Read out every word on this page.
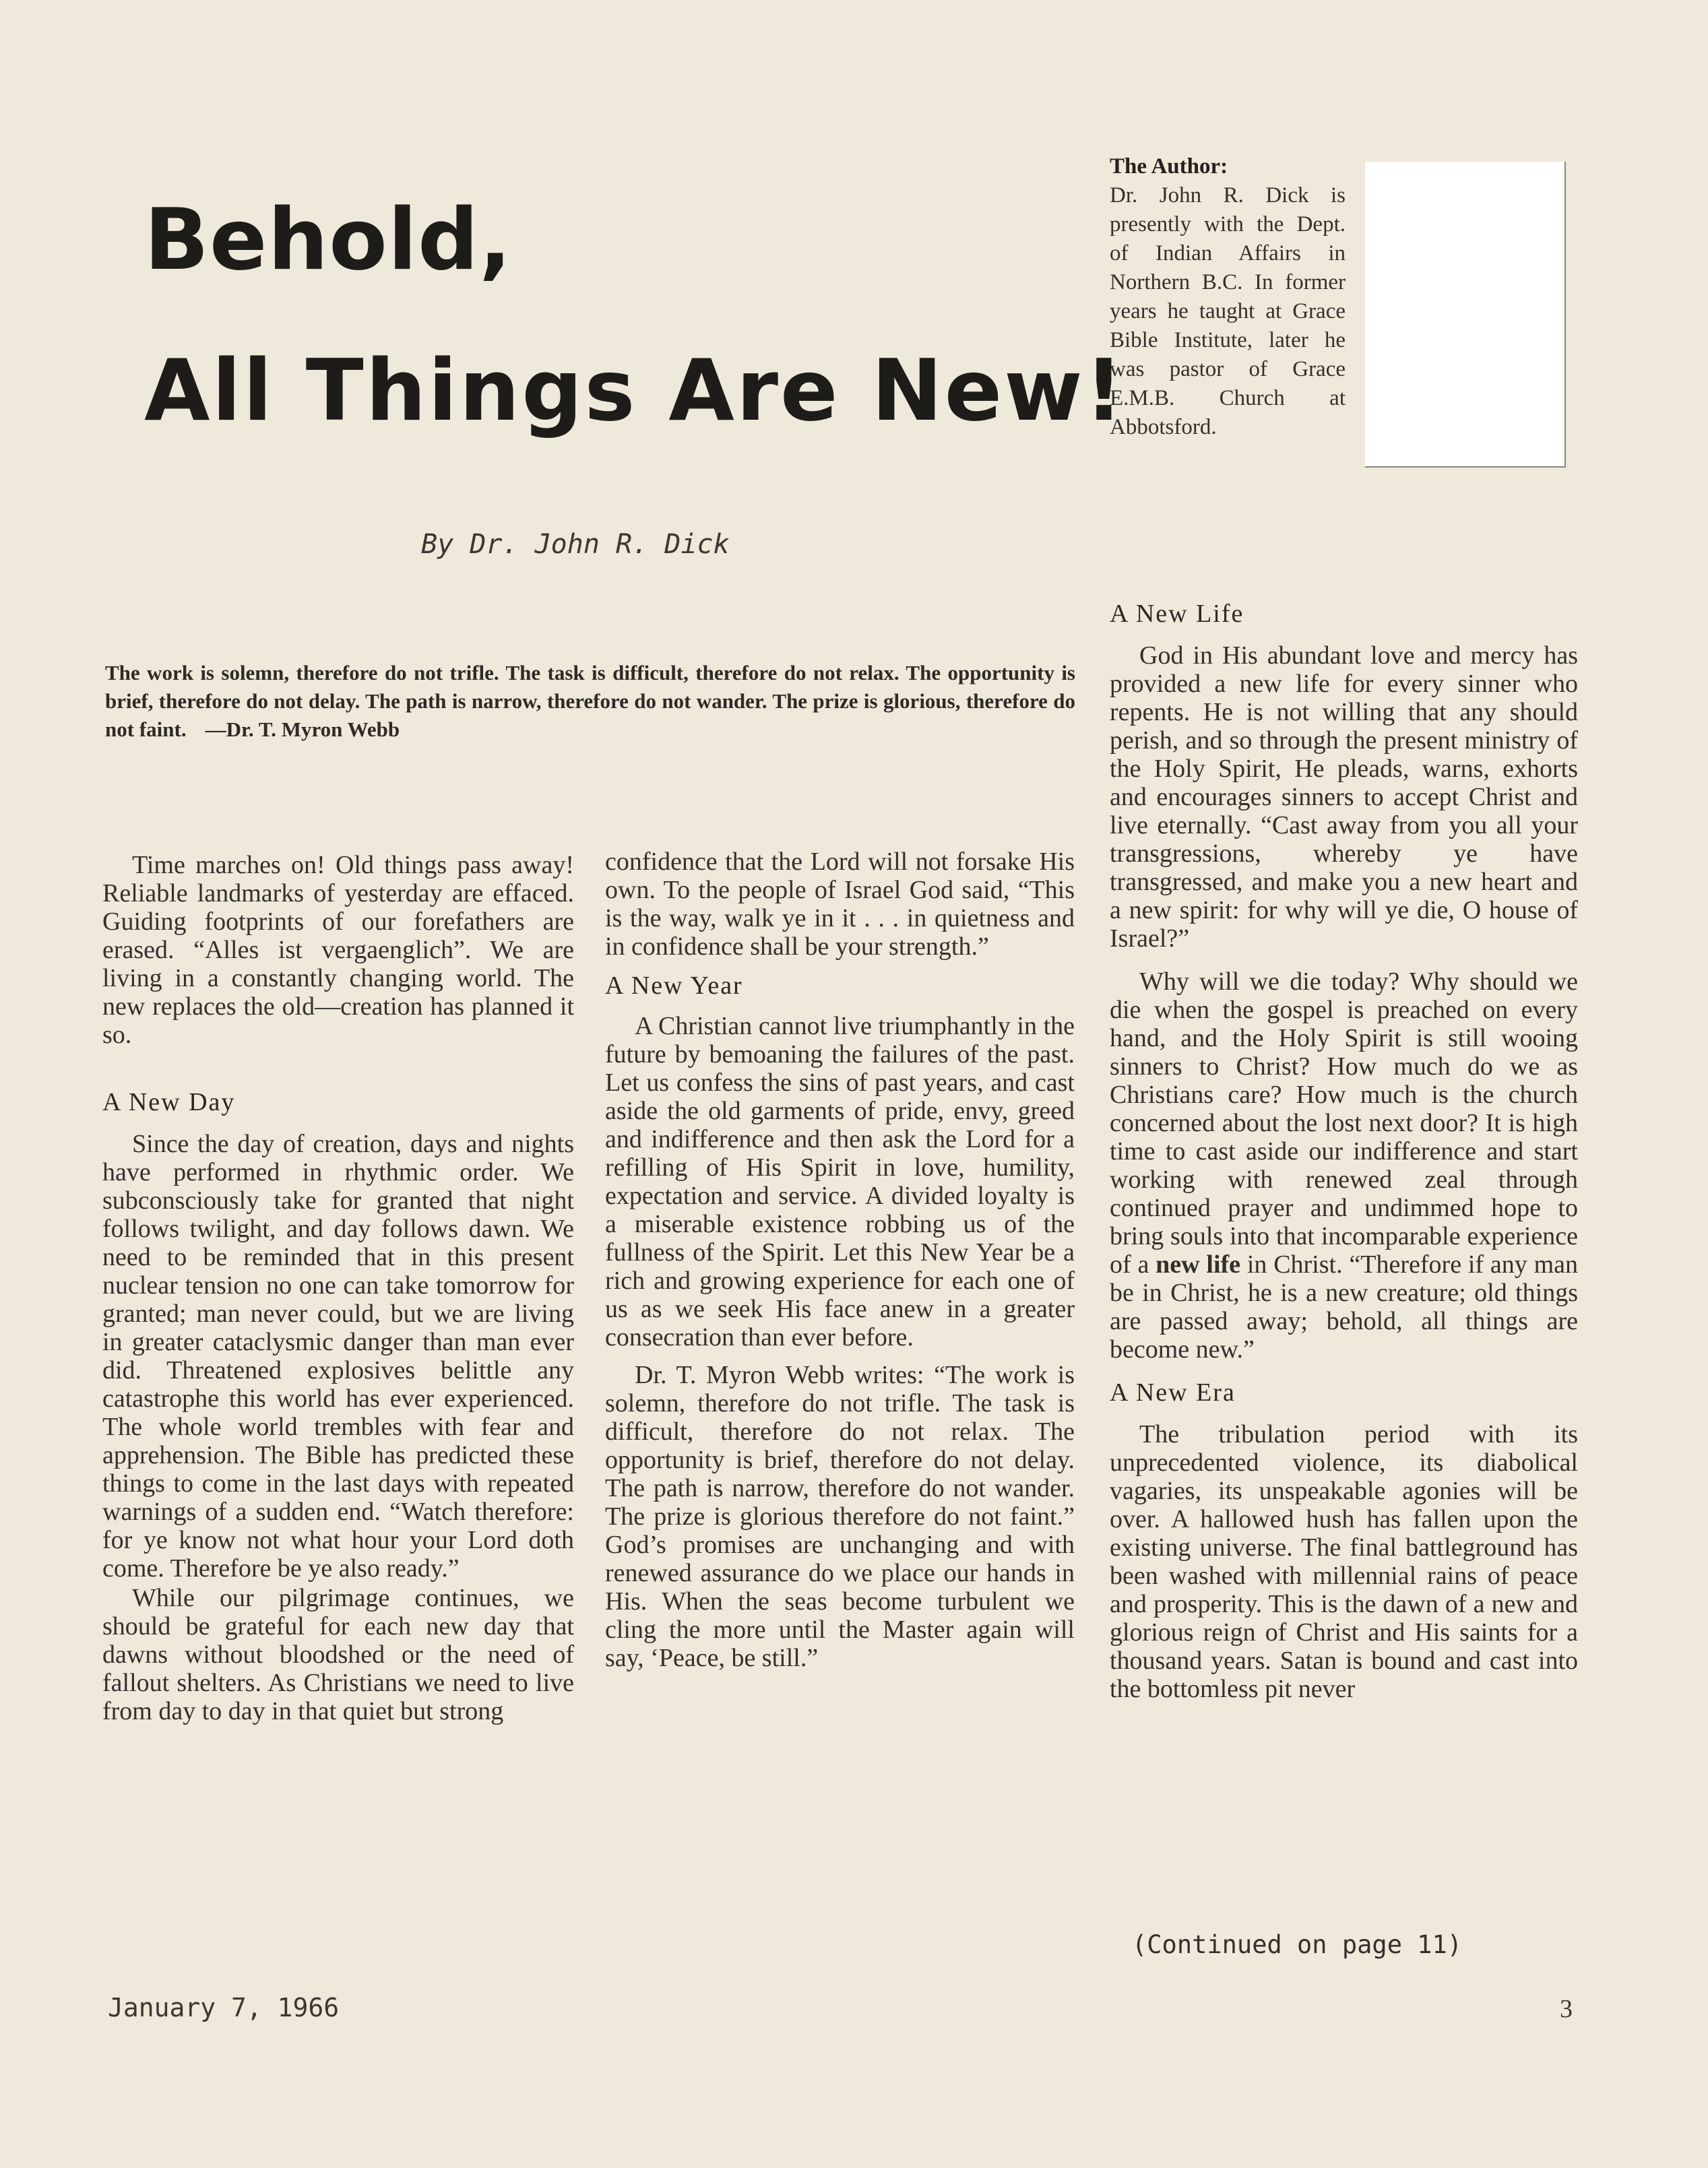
Behold,
All Things Are New!
The Author:
Dr. John R. Dick is presently with the Dept. of Indian Affairs in Northern B.C. In former years he taught at Grace Bible Institute, later he was pastor of Grace E.M.B. Church at Abbotsford.
By Dr. John R. Dick
The work is solemn, therefore do not trifle. The task is difficult, therefore do not relax. The opportunity is brief, therefore do not delay. The path is narrow, therefore do not wander. The prize is glorious, therefore do not faint. —Dr. T. Myron Webb

Time marches on! Old things pass away! Reliable landmarks of yesterday are effaced. Guiding footprints of our forefathers are erased. “Alles ist vergaenglich”. We are living in a constantly changing world. The new replaces the old—creation has planned it so.

A New Day

Since the day of creation, days and nights have performed in rhythmic order. We subconsciously take for granted that night follows twilight, and day follows dawn. We need to be reminded that in this present nuclear tension no one can take tomorrow for granted; man never could, but we are living in greater cataclysmic danger than man ever did. Threatened explosives belittle any catastrophe this world has ever experienced. The whole world trembles with fear and apprehension. The Bible has predicted these things to come in the last days with repeated warnings of a sudden end. “Watch therefore: for ye know not what hour your Lord doth come. Therefore be ye also ready.”

While our pilgrimage continues, we should be grateful for each new day that dawns without bloodshed or the need of fallout shelters. As Christians we need to live from day to day in that quiet but strong

confidence that the Lord will not forsake His own. To the people of Israel God said, “This is the way, walk ye in it . . . in quietness and in confidence shall be your strength.”

A New Year

A Christian cannot live triumphantly in the future by bemoaning the failures of the past. Let us confess the sins of past years, and cast aside the old garments of pride, envy, greed and indifference and then ask the Lord for a refilling of His Spirit in love, humility, expectation and service. A divided loyalty is a miserable existence robbing us of the fullness of the Spirit. Let this New Year be a rich and growing experience for each one of us as we seek His face anew in a greater consecration than ever before.

Dr. T. Myron Webb writes: “The work is solemn, therefore do not trifle. The task is difficult, therefore do not relax. The opportunity is brief, therefore do not delay. The path is narrow, therefore do not wander. The prize is glorious therefore do not faint.” God’s promises are unchanging and with renewed assurance do we place our hands in His. When the seas become turbulent we cling the more until the Master again will say, ‘Peace, be still.”

A New Life

God in His abundant love and mercy has provided a new life for every sinner who repents. He is not willing that any should perish, and so through the present ministry of the Holy Spirit, He pleads, warns, exhorts and encourages sinners to accept Christ and live eternally. “Cast away from you all your transgressions, whereby ye have transgressed, and make you a new heart and a new spirit: for why will ye die, O house of Israel?”

Why will we die today? Why should we die when the gospel is preached on every hand, and the Holy Spirit is still wooing sinners to Christ? How much do we as Christians care? How much is the church concerned about the lost next door? It is high time to cast aside our indifference and start working with renewed zeal through continued prayer and undimmed hope to bring souls into that incomparable experience of a new life in Christ. “Therefore if any man be in Christ, he is a new creature; old things are passed away; behold, all things are become new.”

A New Era

The tribulation period with its unprecedented violence, its diabolical vagaries, its unspeakable agonies will be over. A hallowed hush has fallen upon the existing universe. The final battleground has been washed with millennial rains of peace and prosperity. This is the dawn of a new and glorious reign of Christ and His saints for a thousand years. Satan is bound and cast into the bottomless pit never

(Continued on page 11)
January 7, 1966	3
